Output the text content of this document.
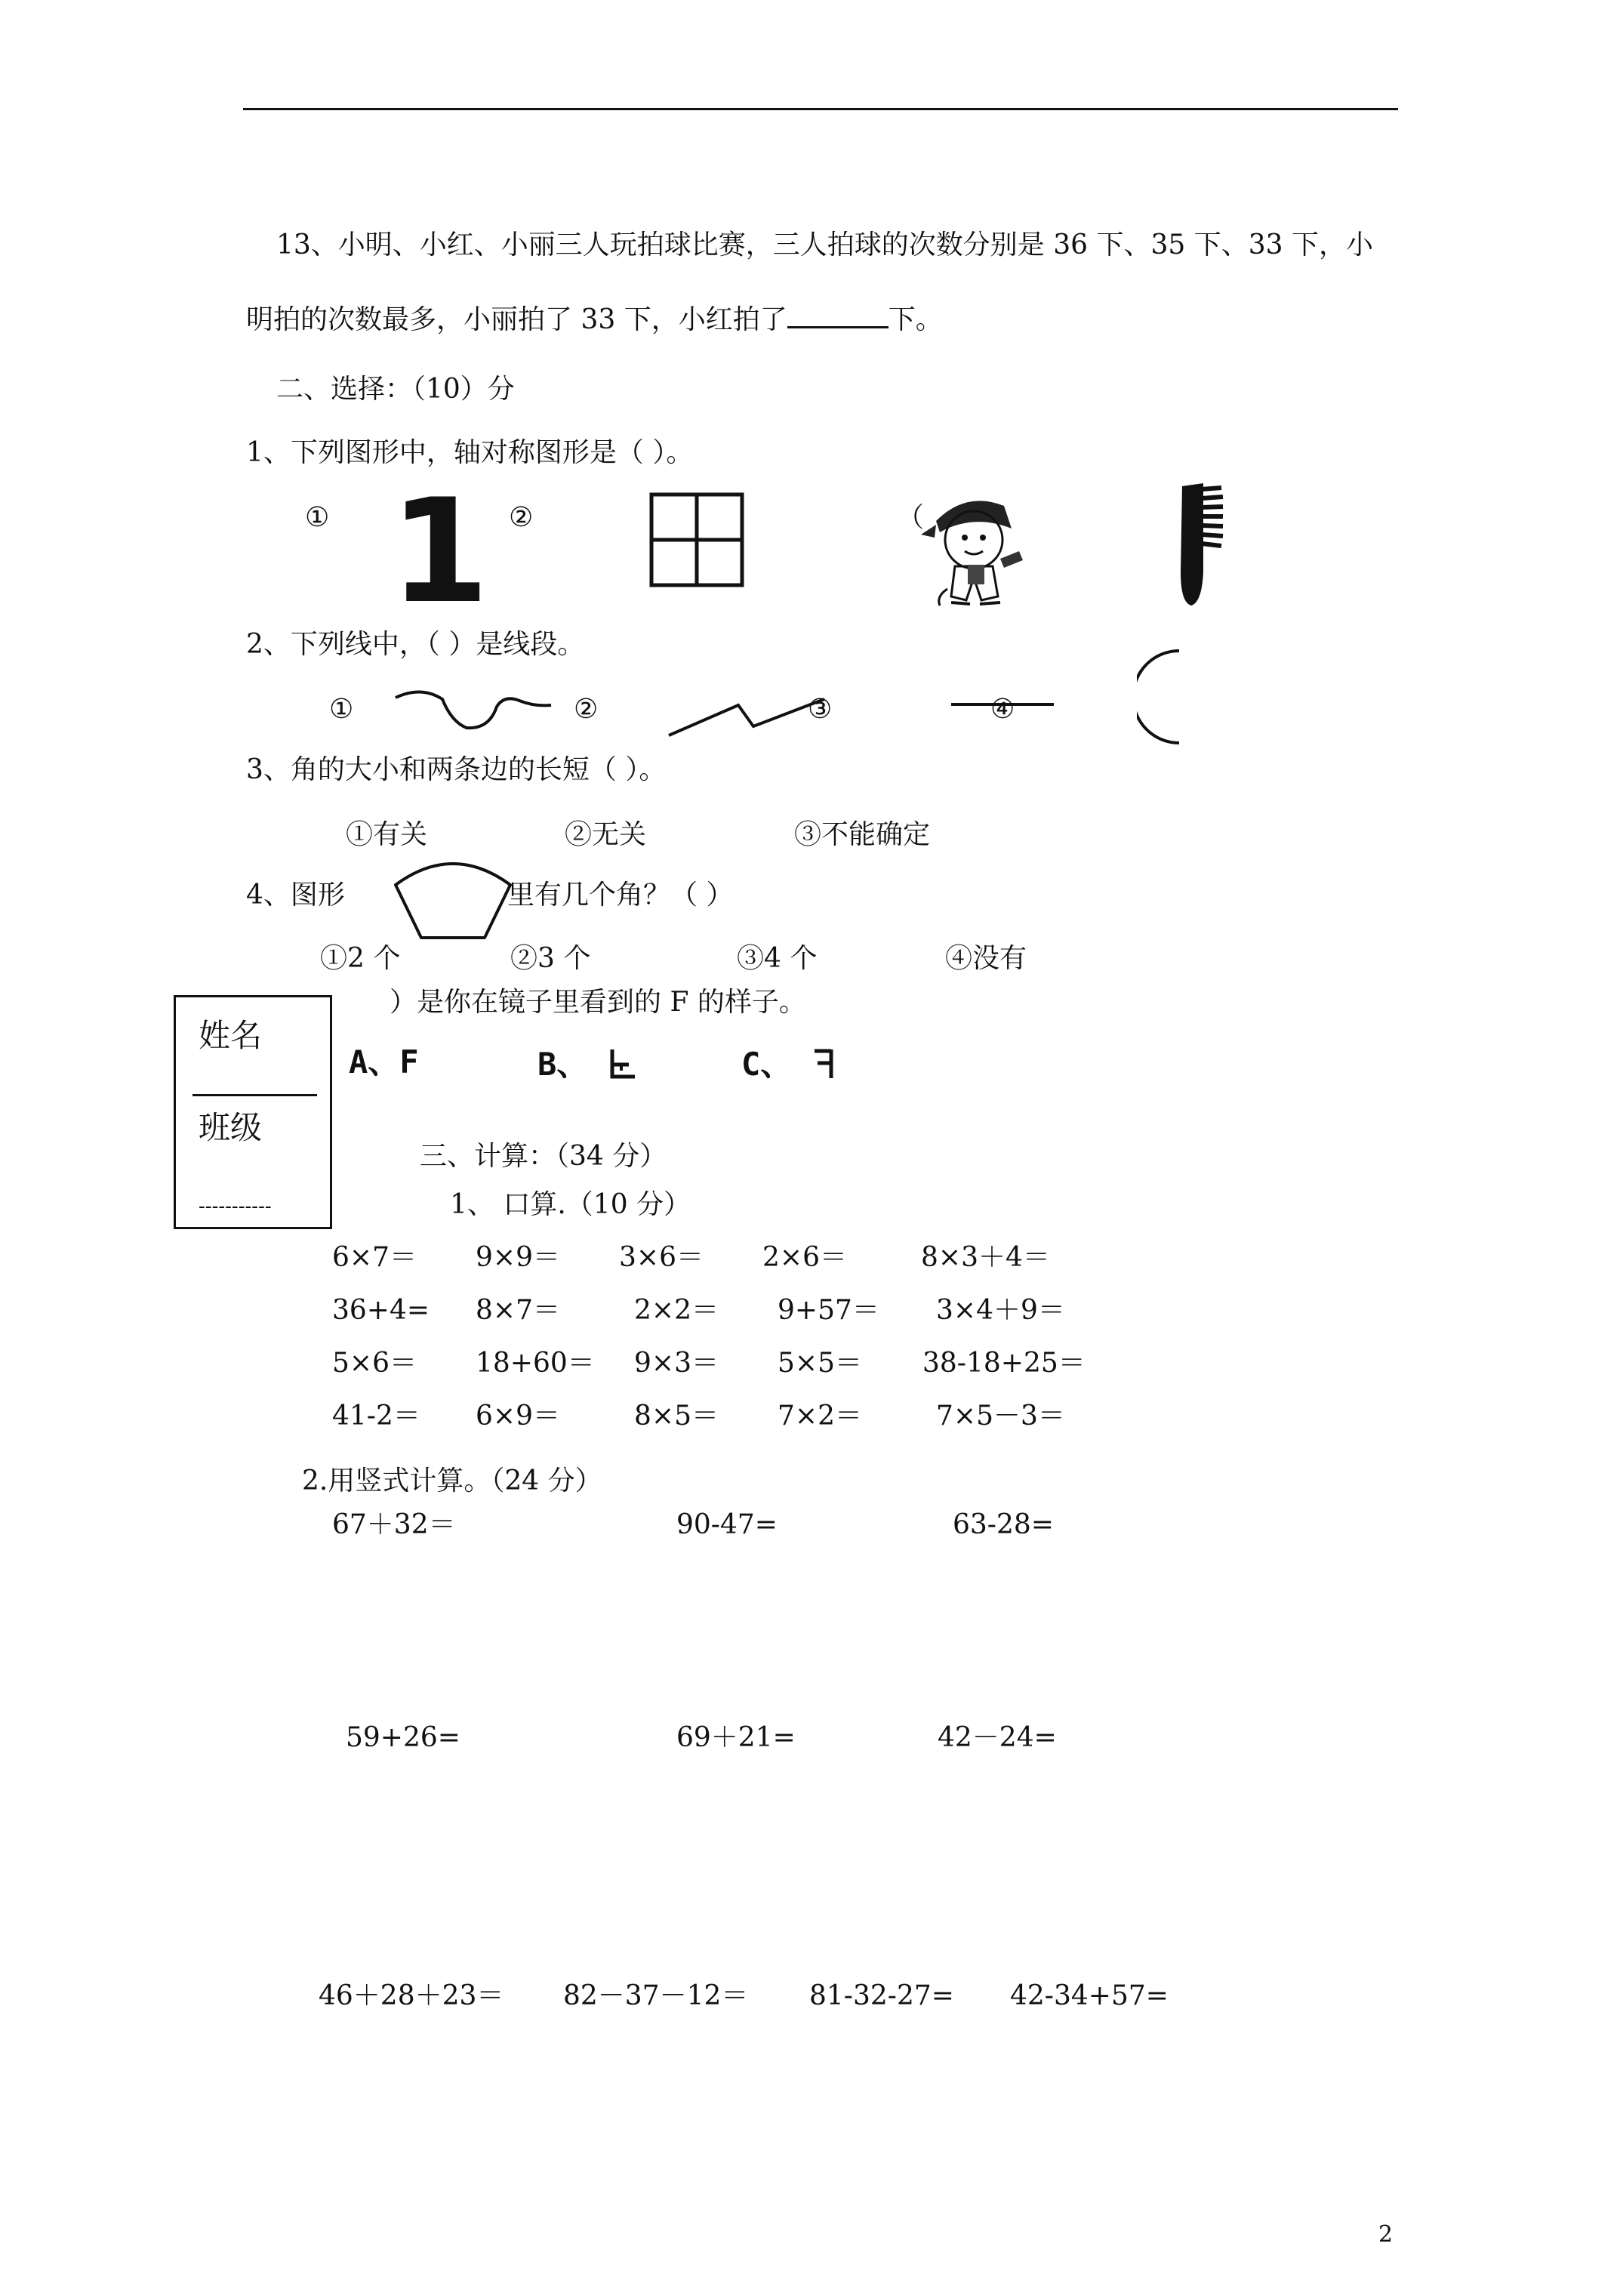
13、小明、小红、小丽三人玩拍球比赛，三人拍球的次数分别是 36 下、35 下、33 下，小
明拍的次数最多，小丽拍了 33 下，小红拍了	下。
二、选择：（10）分
1、下列图形中，轴对称图形是（ ）。
① 1 ②	（
2、下列线中，（ ）是线段。
①	②	③	④
3、角的大小和两条边的长短（ ）。
①有关	②无关	③不能确定
4、图形	里有几个角？（ ）
①2 个	②3 个	③4 个	④没有
）是你在镜子里看到的 F 的样子。
A、F	B、	C、
姓名
班级
-----------
三、计算：（34 分）
1、 口算.（10 分）
6×7＝ 9×9＝ 3×6＝ 2×6＝	8×3＋4＝
36+4= 8×7＝	2×2＝ 9+57＝ 3×4＋9＝
5×6＝ 18+60＝ 9×3＝ 5×5＝ 38-18+25＝
41-2＝ 6×9＝	8×5＝ 7×2＝	7×5－3＝
2.用竖式计算。（24 分）
67＋32＝	90-47=	63-28=
59+26=	69＋21=	42－24=
46＋28＋23＝ 82－37－12＝ 81-32-27= 42-34+57=
2
